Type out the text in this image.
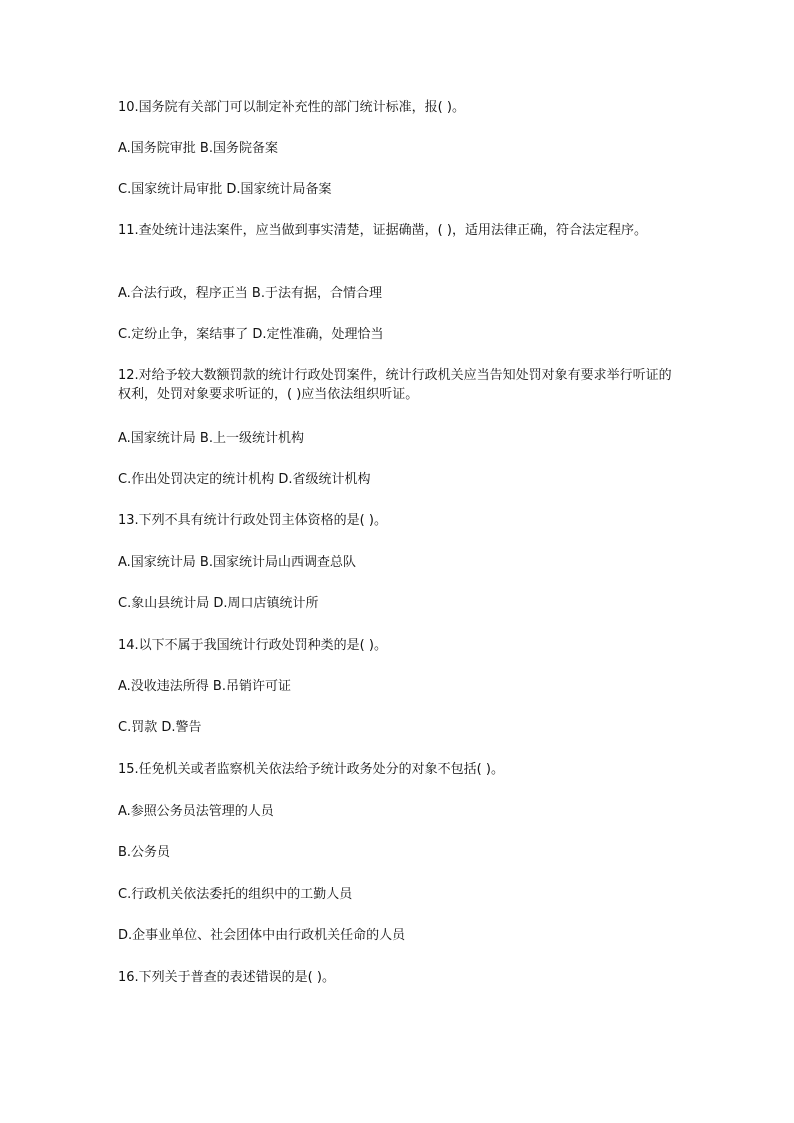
10.国务院有关部门可以制定补充性的部门统计标准，报( )。
A.国务院审批 B.国务院备案
C.国家统计局审批 D.国家统计局备案
11.查处统计违法案件，应当做到事实清楚，证据确凿，( )，适用法律正确，符合法定程序。
A.合法行政，程序正当 B.于法有据，合情合理
C.定纷止争，案结事了 D.定性准确，处理恰当
12.对给予较大数额罚款的统计行政处罚案件，统计行政机关应当告知处罚对象有要求举行听证的权利，处罚对象要求听证的，( )应当依法组织听证。
A.国家统计局 B.上一级统计机构
C.作出处罚决定的统计机构 D.省级统计机构
13.下列不具有统计行政处罚主体资格的是( )。
A.国家统计局 B.国家统计局山西调查总队
C.象山县统计局 D.周口店镇统计所
14.以下不属于我国统计行政处罚种类的是( )。
A.没收违法所得 B.吊销许可证
C.罚款 D.警告
15.任免机关或者监察机关依法给予统计政务处分的对象不包括( )。
A.参照公务员法管理的人员
B.公务员
C.行政机关依法委托的组织中的工勤人员
D.企事业单位、社会团体中由行政机关任命的人员
16.下列关于普查的表述错误的是( )。
